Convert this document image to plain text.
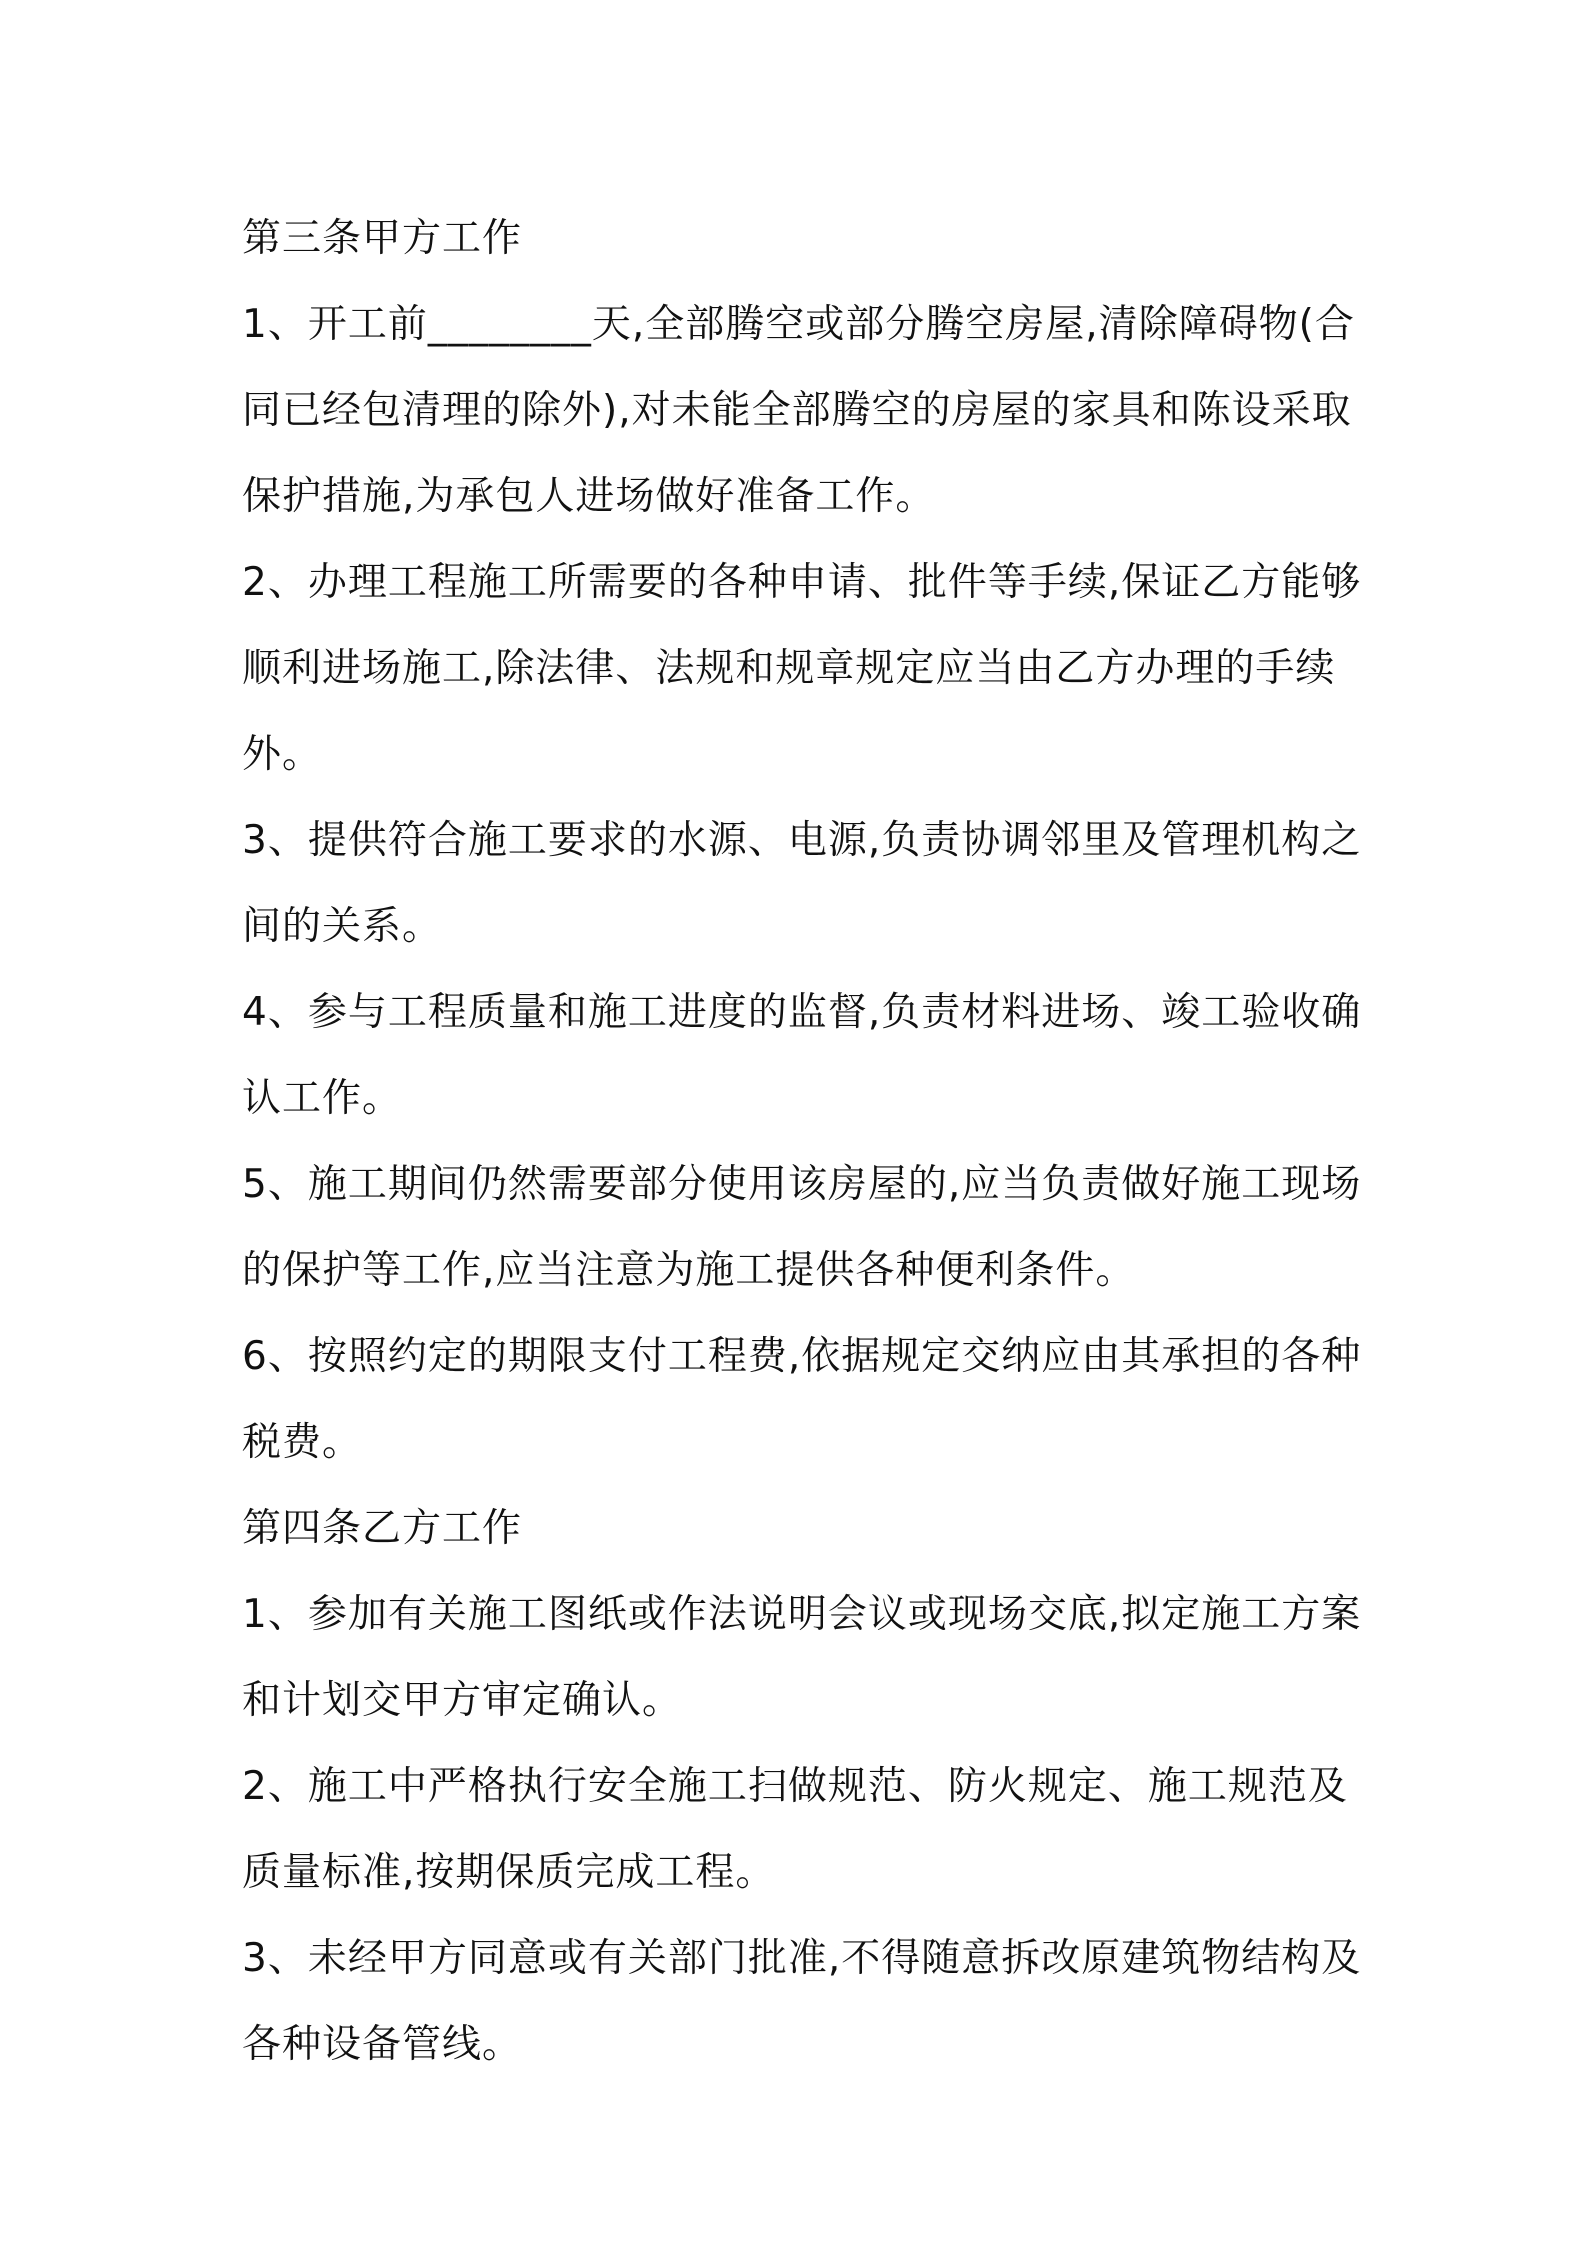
第三条甲方工作

1、开工前________天,全部腾空或部分腾空房屋,清除障碍物(合同已经包清理的除外),对未能全部腾空的房屋的家具和陈设采取保护措施,为承包人进场做好准备工作。

2、办理工程施工所需要的各种申请、批件等手续,保证乙方能够顺利进场施工,除法律、法规和规章规定应当由乙方办理的手续外。

3、提供符合施工要求的水源、电源,负责协调邻里及管理机构之间的关系。

4、参与工程质量和施工进度的监督,负责材料进场、竣工验收确认工作。

5、施工期间仍然需要部分使用该房屋的,应当负责做好施工现场的保护等工作,应当注意为施工提供各种便利条件。

6、按照约定的期限支付工程费,依据规定交纳应由其承担的各种税费。

第四条乙方工作

1、参加有关施工图纸或作法说明会议或现场交底,拟定施工方案和计划交甲方审定确认。

2、施工中严格执行安全施工扫做规范、防火规定、施工规范及质量标准,按期保质完成工程。

3、未经甲方同意或有关部门批准,不得随意拆改原建筑物结构及各种设备管线。
